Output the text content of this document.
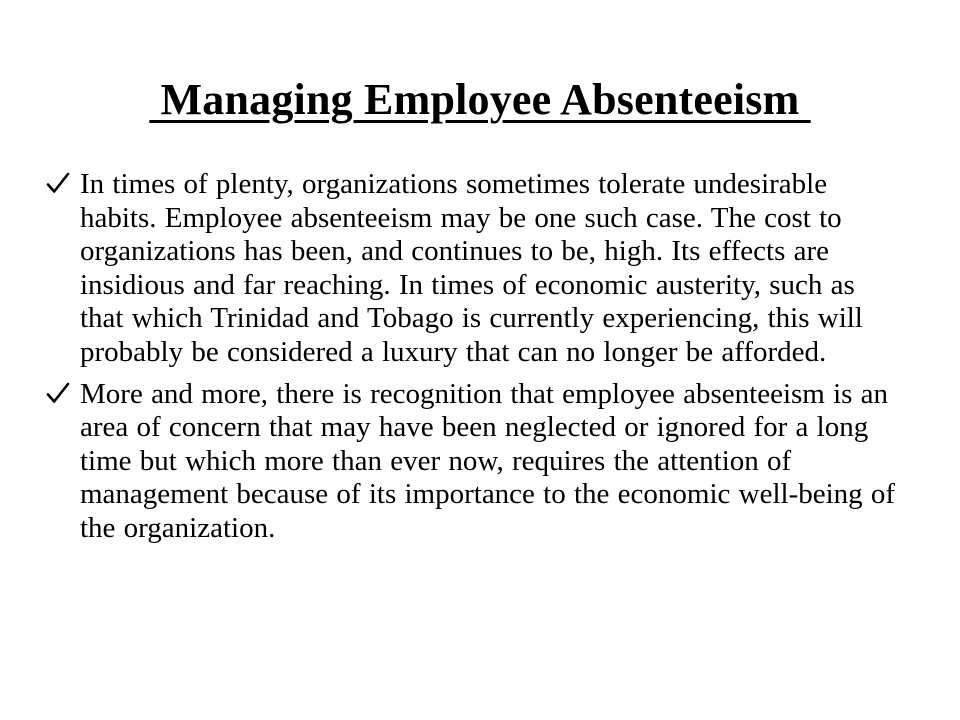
Managing Employee Absenteeism
In times of plenty, organizations sometimes tolerate undesirable habits. Employee absenteeism may be one such case. The cost to organizations has been, and continues to be, high. Its effects are insidious and far reaching. In times of economic austerity, such as that which Trinidad and Tobago is currently experiencing, this will probably be considered a luxury that can no longer be afforded.
More and more, there is recognition that employee absenteeism is an area of concern that may have been neglected or ignored for a long time but which more than ever now, requires the attention of management because of its importance to the economic well-being of the organization.
